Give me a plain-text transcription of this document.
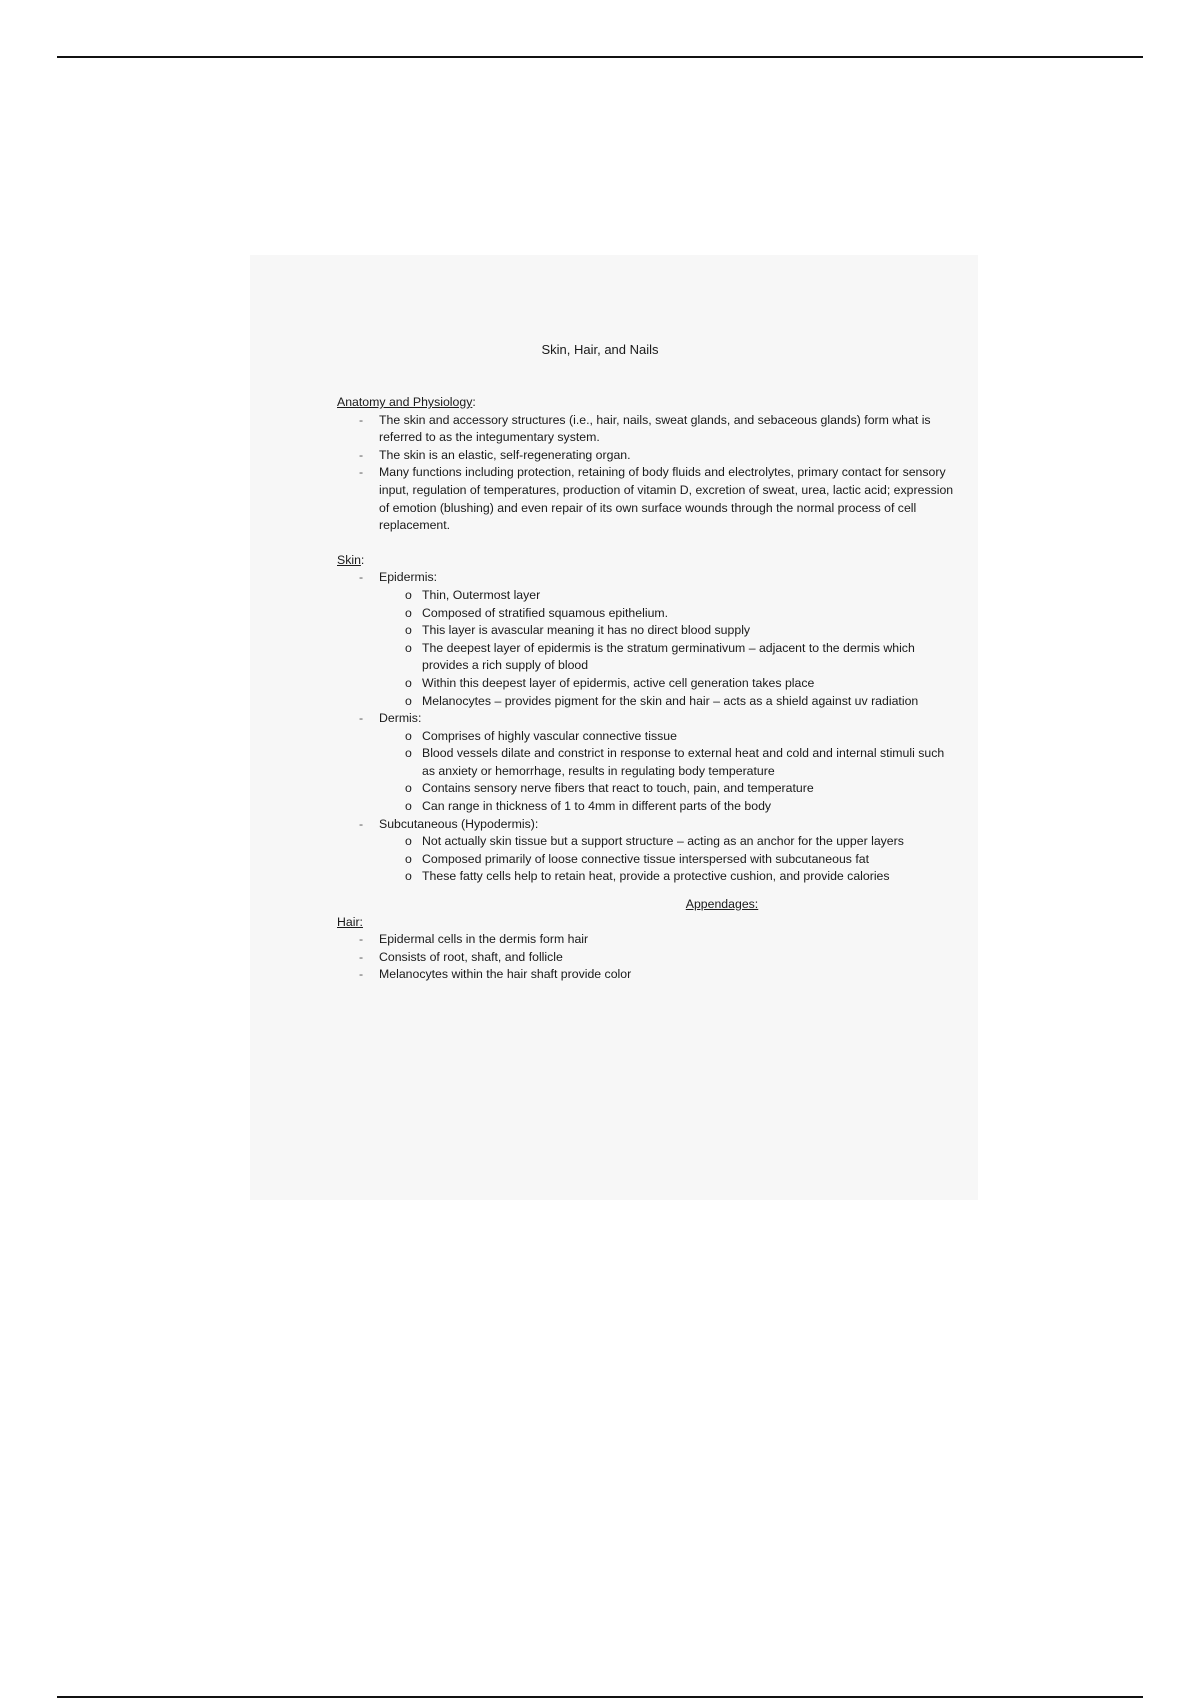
Skin, Hair, and Nails
Anatomy and Physiology:
- The skin and accessory structures (i.e., hair, nails, sweat glands, and sebaceous glands) form what is referred to as the integumentary system.
- The skin is an elastic, self-regenerating organ.
- Many functions including protection, retaining of body fluids and electrolytes, primary contact for sensory input, regulation of temperatures, production of vitamin D, excretion of sweat, urea, lactic acid; expression of emotion (blushing) and even repair of its own surface wounds through the normal process of cell replacement.
Skin:
- Epidermis:
o Thin, Outermost layer
o Composed of stratified squamous epithelium.
o This layer is avascular meaning it has no direct blood supply
o The deepest layer of epidermis is the stratum germinativum – adjacent to the dermis which provides a rich supply of blood
o Within this deepest layer of epidermis, active cell generation takes place
o Melanocytes – provides pigment for the skin and hair – acts as a shield against uv radiation
- Dermis:
o Comprises of highly vascular connective tissue
o Blood vessels dilate and constrict in response to external heat and cold and internal stimuli such as anxiety or hemorrhage, results in regulating body temperature
o Contains sensory nerve fibers that react to touch, pain, and temperature
o Can range in thickness of 1 to 4mm in different parts of the body
- Subcutaneous (Hypodermis):
o Not actually skin tissue but a support structure – acting as an anchor for the upper layers
o Composed primarily of loose connective tissue interspersed with subcutaneous fat
o These fatty cells help to retain heat, provide a protective cushion, and provide calories
Appendages:
Hair:
- Epidermal cells in the dermis form hair
- Consists of root, shaft, and follicle
- Melanocytes within the hair shaft provide color
